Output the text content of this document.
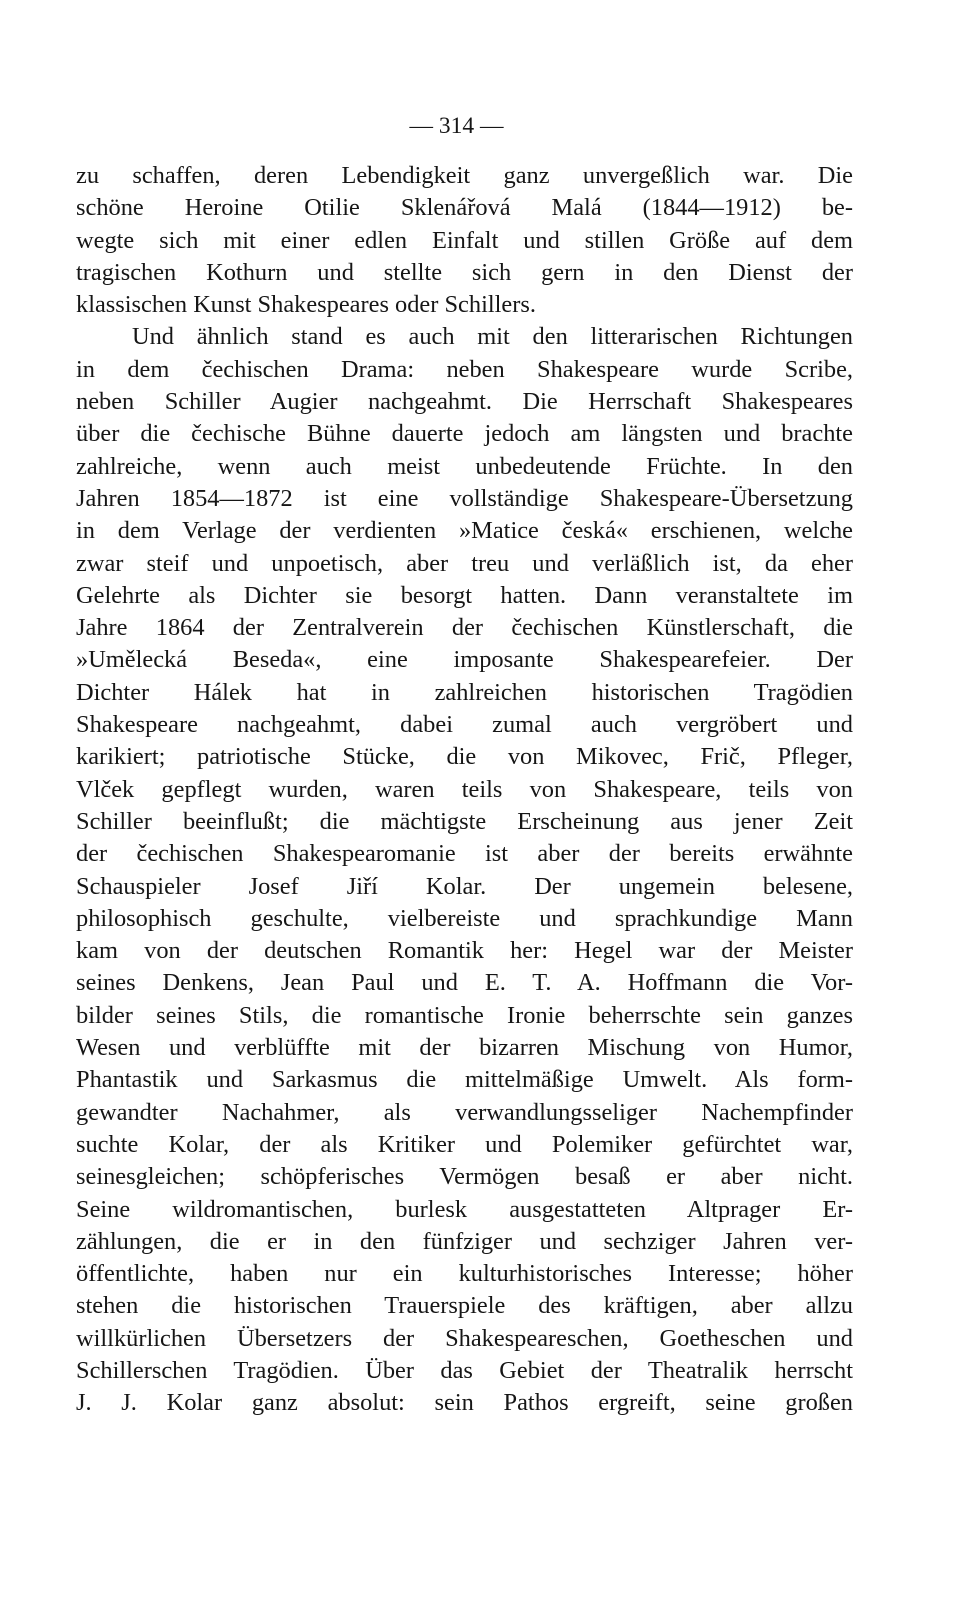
— 314 —
zu schaffen, deren Lebendigkeit ganz unvergeßlich war. Die
schöne Heroine Otilie Sklenářová Malá (1844—1912) be-
wegte sich mit einer edlen Einfalt und stillen Größe auf dem
tragischen Kothurn und stellte sich gern in den Dienst der
klassischen Kunst Shakespeares oder Schillers.
Und ähnlich stand es auch mit den litterarischen Richtungen
in dem čechischen Drama: neben Shakespeare wurde Scribe,
neben Schiller Augier nachgeahmt. Die Herrschaft Shakespeares
über die čechische Bühne dauerte jedoch am längsten und brachte
zahlreiche, wenn auch meist unbedeutende Früchte. In den
Jahren 1854—1872 ist eine vollständige Shakespeare-Übersetzung
in dem Verlage der verdienten »Matice česká« erschienen, welche
zwar steif und unpoetisch, aber treu und verläßlich ist, da eher
Gelehrte als Dichter sie besorgt hatten. Dann veranstaltete im
Jahre 1864 der Zentralverein der čechischen Künstlerschaft, die
»Umělecká Beseda«, eine imposante Shakespearefeier. Der
Dichter Hálek hat in zahlreichen historischen Tragödien
Shakespeare nachgeahmt, dabei zumal auch vergröbert und
karikiert; patriotische Stücke, die von Mikovec, Frič, Pfleger,
Vlček gepflegt wurden, waren teils von Shakespeare, teils von
Schiller beeinflußt; die mächtigste Erscheinung aus jener Zeit
der čechischen Shakespearomanie ist aber der bereits erwähnte
Schauspieler Josef Jiří Kolar. Der ungemein belesene,
philosophisch geschulte, vielbereiste und sprachkundige Mann
kam von der deutschen Romantik her: Hegel war der Meister
seines Denkens, Jean Paul und E. T. A. Hoffmann die Vor-
bilder seines Stils, die romantische Ironie beherrschte sein ganzes
Wesen und verblüffte mit der bizarren Mischung von Humor,
Phantastik und Sarkasmus die mittelmäßige Umwelt. Als form-
gewandter Nachahmer, als verwandlungsseliger Nachempfinder
suchte Kolar, der als Kritiker und Polemiker gefürchtet war,
seinesgleichen; schöpferisches Vermögen besaß er aber nicht.
Seine wildromantischen, burlesk ausgestatteten Altprager Er-
zählungen, die er in den fünfziger und sechziger Jahren ver-
öffentlichte, haben nur ein kulturhistorisches Interesse; höher
stehen die historischen Trauerspiele des kräftigen, aber allzu
willkürlichen Übersetzers der Shakespeareschen, Goetheschen und
Schillerschen Tragödien. Über das Gebiet der Theatralik herrscht
J. J. Kolar ganz absolut: sein Pathos ergreift, seine großen
